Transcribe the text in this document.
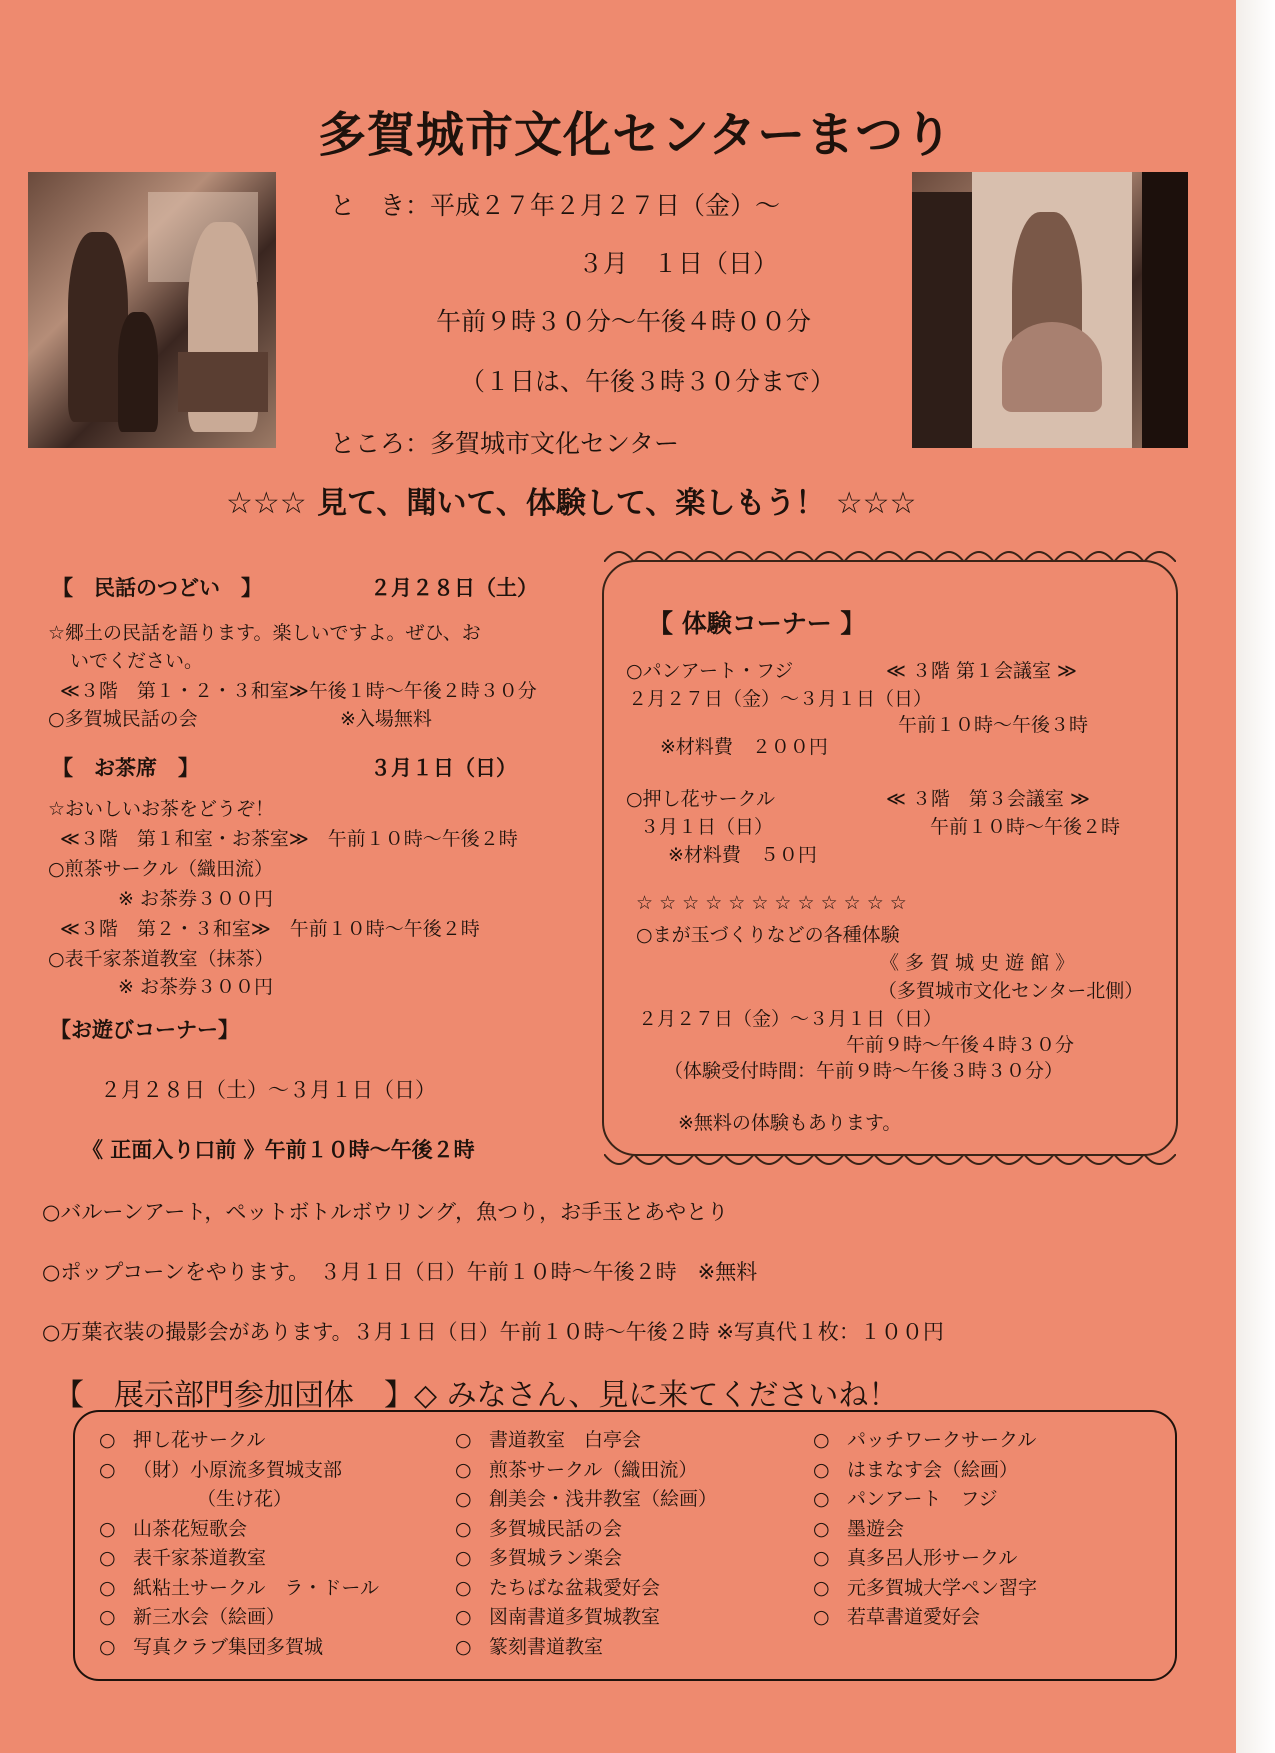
多賀城市文化センターまつり
と　き：平成２７年２月２７日（金）～
３月　１日（日）
午前９時３０分～午後４時００分
（１日は、午後３時３０分まで）
ところ：多賀城市文化センター
☆☆☆ 見て、聞いて、体験して、楽しもう！ ☆☆☆
【　民話のつどい　】	２月２８日（土）
☆郷土の民話を語ります。楽しいですよ。ぜひ、お
いでください。
≪３階　第１・２・３和室≫午後１時～午後２時３０分
○多賀城民話の会	※入場無料
【　お茶席　】	３月１日（日）
☆おいしいお茶をどうぞ！
≪３階　第１和室・お茶室≫　午前１０時～午後２時
○煎茶サークル（織田流）
※ お茶券３００円
≪３階　第２・３和室≫　午前１０時～午後２時
○表千家茶道教室（抹茶）
※ お茶券３００円
【お遊びコーナー】
２月２８日（土）～３月１日（日）
《 正面入り口前 》午前１０時～午後２時
【 体験コーナー 】
○パンアート・フジ	≪ ３階 第１会議室 ≫
２月２７日（金）～３月１日（日）
午前１０時～午後３時
※材料費　２００円
○押し花サークル	≪ ３階　第３会議室 ≫
３月１日（日）	午前１０時～午後２時
※材料費　５０円
☆ ☆ ☆ ☆ ☆ ☆ ☆ ☆ ☆ ☆ ☆ ☆
○まが玉づくりなどの各種体験
《 多 賀 城 史 遊 館 》
（多賀城市文化センター北側）
２月２７日（金）～３月１日（日）
午前９時～午後４時３０分
（体験受付時間：午前９時～午後３時３０分）
※無料の体験もあります。
○バルーンアート，ペットボトルボウリング，魚つり，お手玉とあやとり
○ポップコーンをやります。　３月１日（日）午前１０時～午後２時　※無料
○万葉衣装の撮影会があります。３月１日（日）午前１０時～午後２時 ※写真代１枚：１００円
【　展示部門参加団体　】◇ みなさん、見に来てくださいね！
○ 押し花サークル
○ （財）小原流多賀城支部
（生け花）
○ 山茶花短歌会
○ 表千家茶道教室
○ 紙粘土サークル　ラ・ドール
○ 新三水会（絵画）
○ 写真クラブ集団多賀城
○ 書道教室　白亭会
○ 煎茶サークル（織田流）
○ 創美会・浅井教室（絵画）
○ 多賀城民話の会
○ 多賀城ラン楽会
○ たちばな盆栽愛好会
○ 図南書道多賀城教室
○ 篆刻書道教室
○ パッチワークサークル
○ はまなす会（絵画）
○ パンアート　フジ
○ 墨遊会
○ 真多呂人形サークル
○ 元多賀城大学ペン習字
○ 若草書道愛好会
